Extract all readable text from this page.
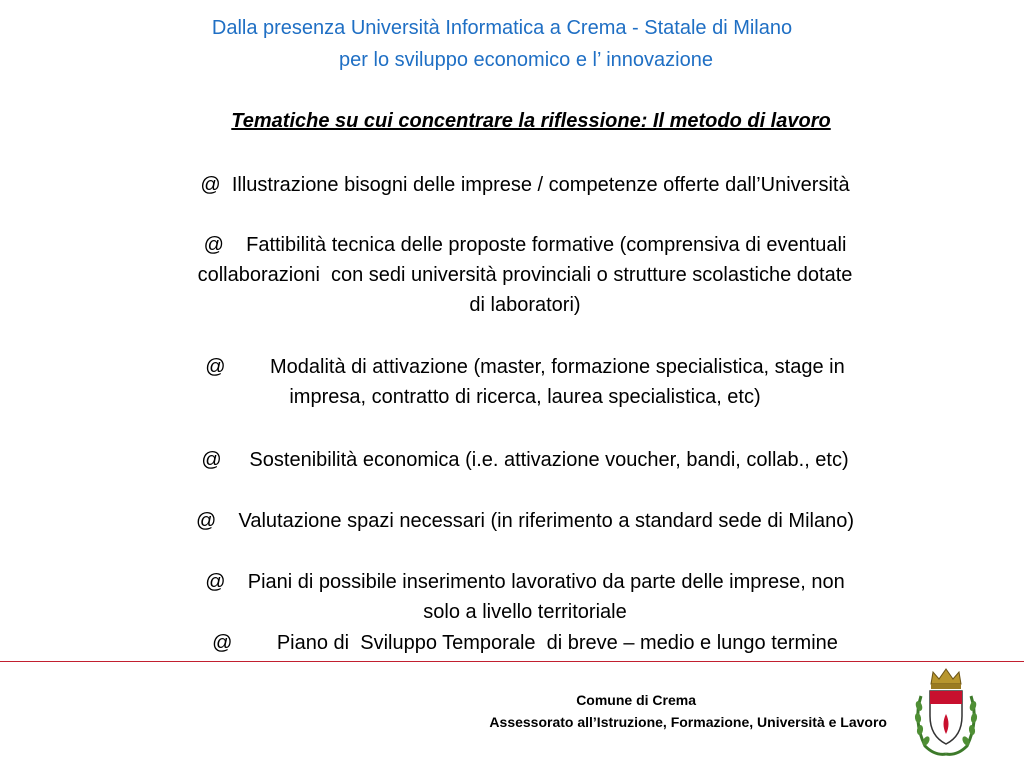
Dalla presenza Università Informatica a Crema - Statale di Milano
per lo sviluppo economico e l’ innovazione
Tematiche su cui concentrare la riflessione: Il metodo di lavoro
@  Illustrazione bisogni delle imprese / competenze offerte dall’Università
@    Fattibilità tecnica delle proposte formative (comprensiva di eventuali
collaborazioni  con sedi università provinciali o strutture scolastiche dotate
di laboratori)
@        Modalità di attivazione (master, formazione specialistica, stage in
impresa, contratto di ricerca, laurea specialistica, etc)
@     Sostenibilità economica (i.e. attivazione voucher, bandi, collab., etc)
@    Valutazione spazi necessari (in riferimento a standard sede di Milano)
@    Piani di possibile inserimento lavorativo da parte delle imprese, non
solo a livello territoriale
@        Piano di  Sviluppo Temporale  di breve – medio e lungo termine
Comune di Crema
Assessorato all’Istruzione, Formazione, Università e Lavoro
